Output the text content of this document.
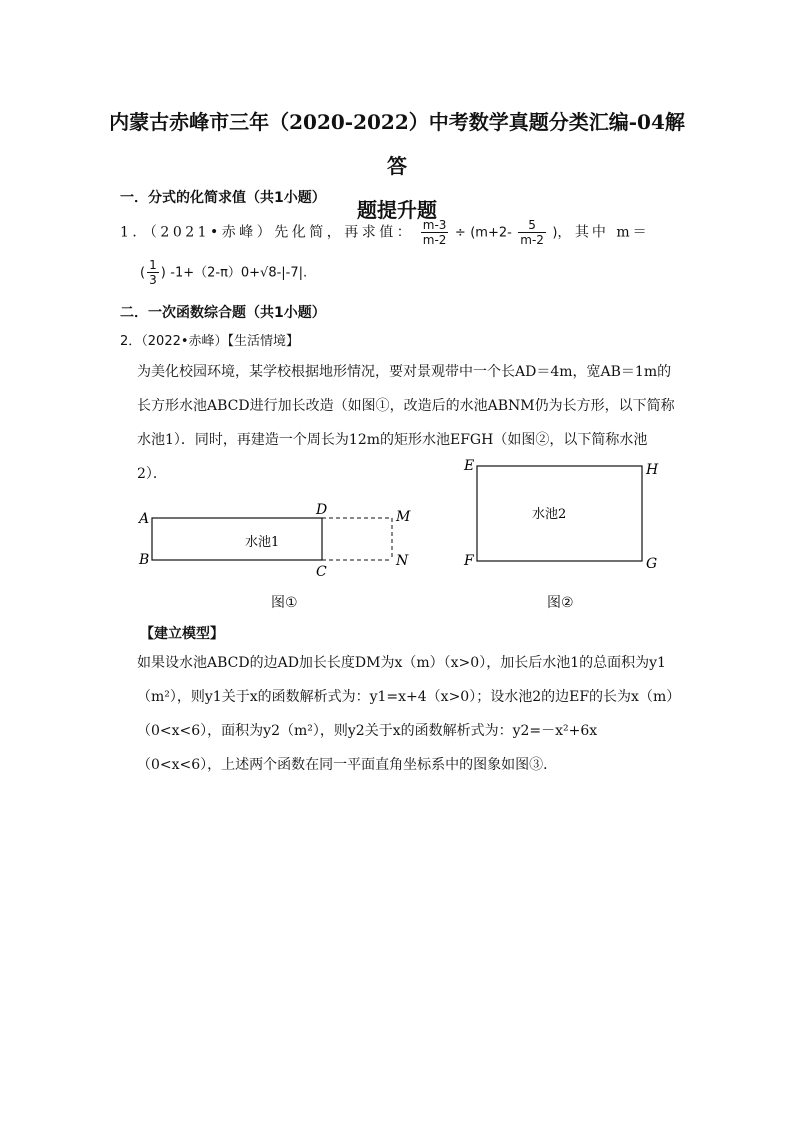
内蒙古赤峰市三年（2020-2022）中考数学真题分类汇编-04解答
题提升题
一．分式的化简求值（共1小题）
1．（2021•赤峰）先化简，再求值： $\frac{m-3}{m-2} \div (m+2- \frac{5}{m-2}$ )， 其中 m＝
( $\frac{1}{3}$ ) -1+（2-π）0+√8-|-7|.
二．一次函数综合题（共1小题）
2．（2022•赤峰）【生活情境】
为美化校园环境，某学校根据地形情况，要对景观带中一个长AD＝4m，宽AB＝1m的长方形水池ABCD进行加长改造（如图①，改造后的水池ABNM仍为长方形，以下简称水池1）．同时，再建造一个周长为12m的矩形水池EFGH（如图②，以下简称水池2）．
A
B
D
C
M
N
水池1
图①
E
F
H
G
水池2
图②
【建立模型】
如果设水池ABCD的边AD加长长度DM为x（m）（x>0），加长后水池1的总面积为y1（m²），则y1关于x的函数解析式为：y1=x+4（x>0）；设水池2的边EF的长为x（m）（0<x<6），面积为y2（m²），则y2关于x的函数解析式为：y2=－x²+6x（0<x<6），上述两个函数在同一平面直角坐标系中的图象如图③．
